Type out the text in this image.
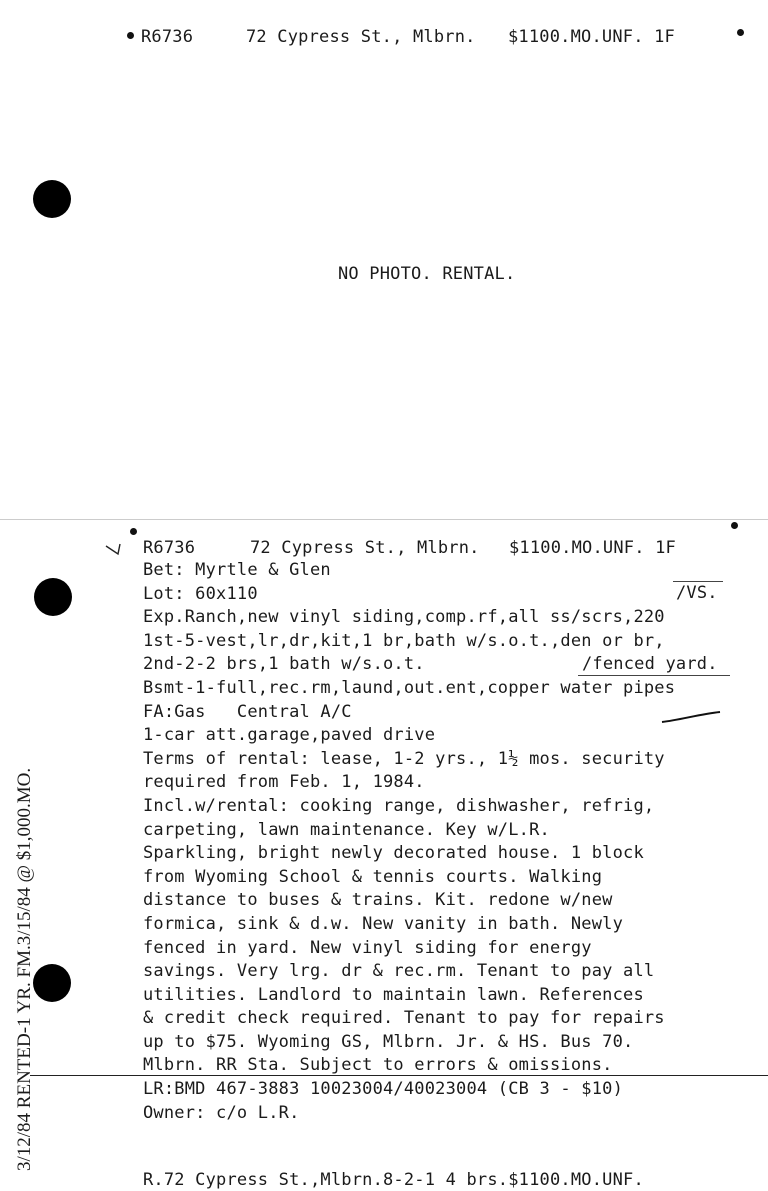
R6736	72 Cypress St., Mlbrn. $1100.MO.UNF. 1F
NO PHOTO. RENTAL.
R6736	72 Cypress St., Mlbrn. $1100.MO.UNF. 1F
Bet: Myrtle & Glen
Lot: 60x110
Exp.Ranch,new vinyl siding,comp.rf,all ss/scrs,220
1st-5-vest,lr,dr,kit,1 br,bath w/s.o.t.,den or br,
2nd-2-2 brs,1 bath w/s.o.t.
Bsmt-1-full,rec.rm,laund,out.ent,copper water pipes
FA:Gas   Central A/C
1-car att.garage,paved drive
Terms of rental: lease, 1-2 yrs., 1½ mos. security
required from Feb. 1, 1984.
Incl.w/rental: cooking range, dishwasher, refrig,
carpeting, lawn maintenance. Key w/L.R.
Sparkling, bright newly decorated house. 1 block
from Wyoming School & tennis courts. Walking
distance to buses & trains. Kit. redone w/new
formica, sink & d.w. New vanity in bath. Newly
fenced in yard. New vinyl siding for energy
savings. Very lrg. dr & rec.rm. Tenant to pay all
utilities. Landlord to maintain lawn. References
& credit check required. Tenant to pay for repairs
up to $75. Wyoming GS, Mlbrn. Jr. & HS. Bus 70.
Mlbrn. RR Sta. Subject to errors & omissions.
LR:BMD 467-3883 10023004/40023004 (CB 3 - $10)
Owner: c/o L.R.
/VS.
/fenced yard.
R.72 Cypress St.,Mlbrn.8-2-1 4 brs.$1100.MO.UNF.
3/12/84 RENTED-1 YR. FM.3/15/84 @ $1,000.MO.
